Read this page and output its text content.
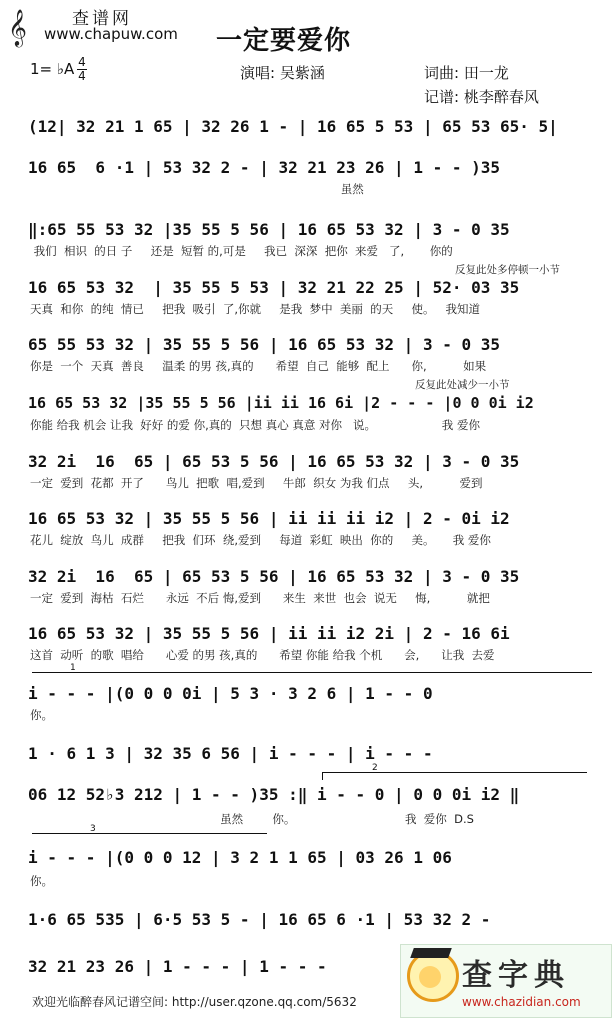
𝄞	查谱网
www.chapuw.com 一定要爱你
1= ♭A 4
4	演唱: 吴紫涵	词曲: 田一龙
记谱: 桃李醉春风
(12| 32 21 1 65 | 32 26 1 - | 16 65 5 53 | 65 53 65· 5|
16 65  6 ·1 | 53 32 2 - | 32 21 23 26 | 1 - - )35
虽然
‖:65 55 53 32 |35 55 5 56 | 16 65 53 32 | 3 - 0 35
我们  相识  的日 子     还是  短暂 的,可是     我已  深深  把你  来爱   了,       你的
反复此处多停顿一小节
16 65 53 32  | 35 55 5 53 | 32 21 22 25 | 52· 03 35
天真  和你  的纯  情已     把我  吸引  了,你就     是我  梦中  美丽  的天     使。   我知道
65 55 53 32 | 35 55 5 56 | 16 65 53 32 | 3 - 0 35
你是  一个  天真  善良     温柔 的男 孩,真的      希望  自己  能够  配上      你,          如果
反复此处减少一小节
16 65 53 32 |35 55 5 56 |ii ii 16 6i |2 - - - |0 0 0i i2
你能 给我 机会 让我  好好 的爱 你,真的  只想 真心 真意 对你   说。                  我 爱你
32 2i  16  65 | 65 53 5 56 | 16 65 53 32 | 3 - 0 35
一定  爱到  花都  开了      鸟儿  把歌  唱,爱到     牛郎  织女 为我 们点     头,          爱到
16 65 53 32 | 35 55 5 56 | ii ii ii i2 | 2 - 0i i2
花儿  绽放  鸟儿  成群     把我  们环  绕,爱到     每道  彩虹  映出  你的     美。     我 爱你
32 2i  16  65 | 65 53 5 56 | 16 65 53 32 | 3 - 0 35
一定  爱到  海枯  石烂      永远  不后 悔,爱到      来生  来世  也会  说无     悔,          就把
16 65 53 32 | 35 55 5 56 | ii ii i2 2i | 2 - 16 6i
这首  动听  的歌  唱给      心爱 的男 孩,真的      希望 你能 给我 个机      会,      让我  去爱
1
i - - - |(0 0 0 0i | 5 3 · 3 2 6 | 1 - - 0
你。
1 · 6 1 3 | 32 35 6 56 | i - - - | i - - -
2
06 12 52♭3 212 | 1 - - )35 :‖ i - - 0 | 0 0 0i i2 ‖
虽然        你。                              我  爱你  D.S
3
i - - - |(0 0 0 12 | 3 2 1 1 65 | 03 26 1 06
你。
1·6 65 535 | 6·5 53 5 - | 16 65 6 ·1 | 53 32 2 -
32 21 23 26 | 1 - - - | 1 - - -
欢迎光临醉春风记谱空间: http://user.qzone.qq.com/5632
查字典
www.chazidian.com
